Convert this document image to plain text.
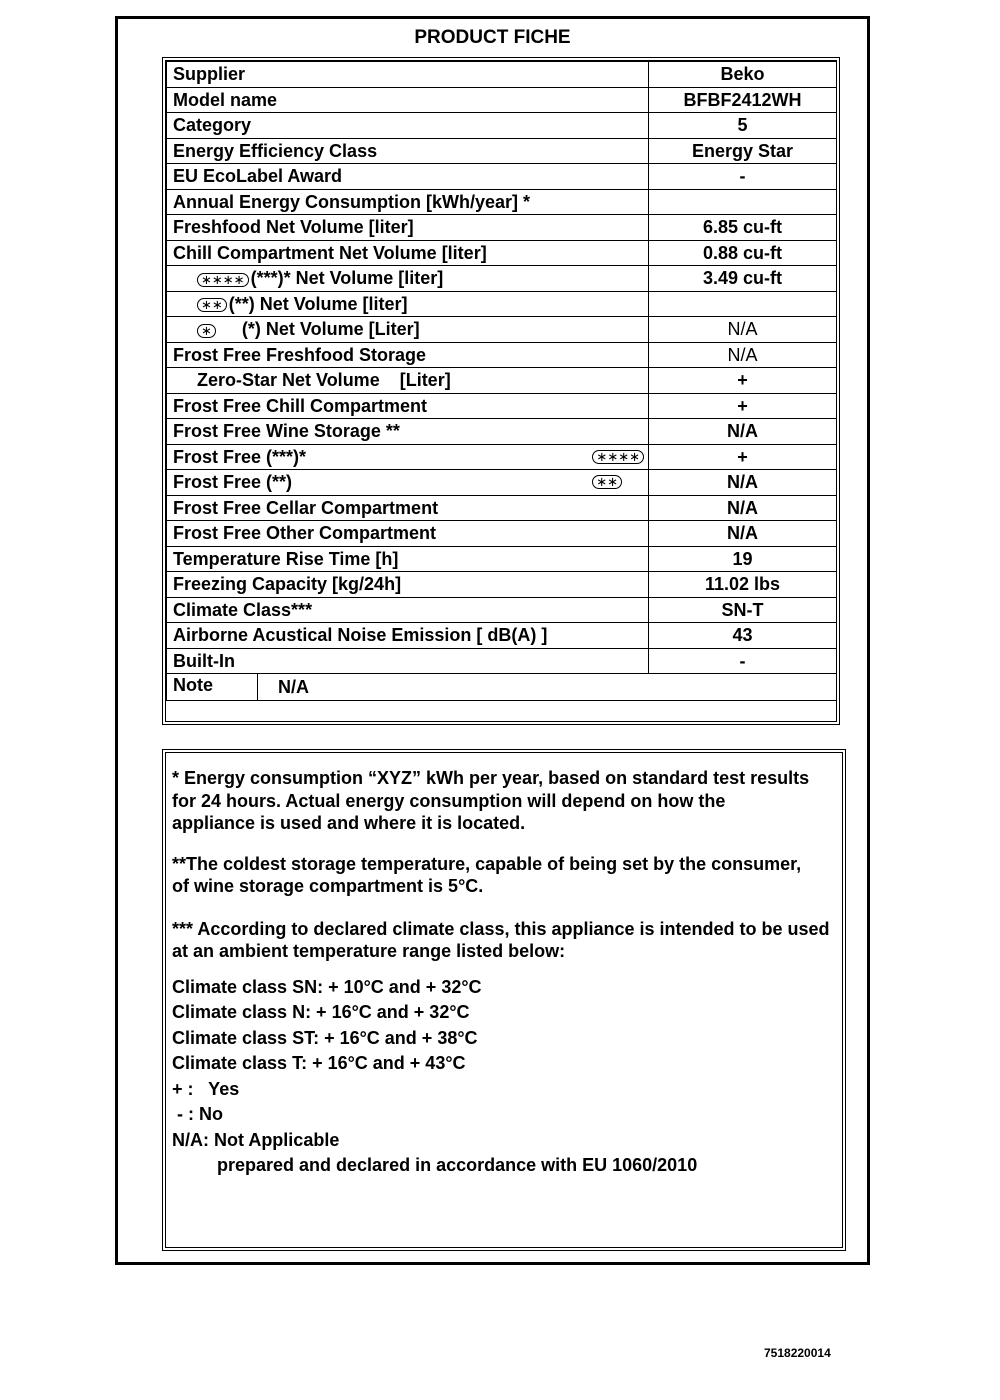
PRODUCT FICHE
Supplier	Beko
Model name	BFBF2412WH
Category	5
Energy Efficiency Class	Energy Star
EU EcoLabel Award	-
Annual Energy Consumption [kWh/year] *	
Freshfood Net Volume [liter]	6.85 cu-ft
Chill Compartment Net Volume [liter]	0.88 cu-ft
∗∗∗∗ (***)* Net Volume [liter]	3.49 cu-ft
∗∗ (**) Net Volume [liter]	
∗ (*) Net Volume [Liter]	N/A
Frost Free Freshfood Storage	N/A
Zero-Star Net Volume    [Liter]	+
Frost Free Chill Compartment	+
Frost Free Wine Storage **	N/A
Frost Free (***)* ∗∗∗∗	+
Frost Free (**) ∗∗	N/A
Frost Free Cellar Compartment	N/A
Frost Free Other Compartment	N/A
Temperature Rise Time [h]	19
Freezing Capacity [kg/24h]	11.02 lbs
Climate Class***	SN-T
Airborne Acustical Noise Emission [ dB(A) ]	43
Built-In	-

Note N/A	

* Energy consumption “XYZ” kWh per year, based on standard test results for 24 hours. Actual energy consumption will depend on how the appliance is used and where it is located.

**The coldest storage temperature, capable of being set by the consumer, of wine storage compartment is 5°C.

*** According to declared climate class, this appliance is intended to be used at an ambient temperature range listed below:

Climate class SN: + 10°C and + 32°C

Climate class N: + 16°C and + 32°C

Climate class ST: + 16°C and + 38°C

Climate class T: + 16°C and + 43°C

+ :   Yes

- : No

N/A: Not Applicable

prepared and declared in accordance with EU 1060/2010

7518220014
